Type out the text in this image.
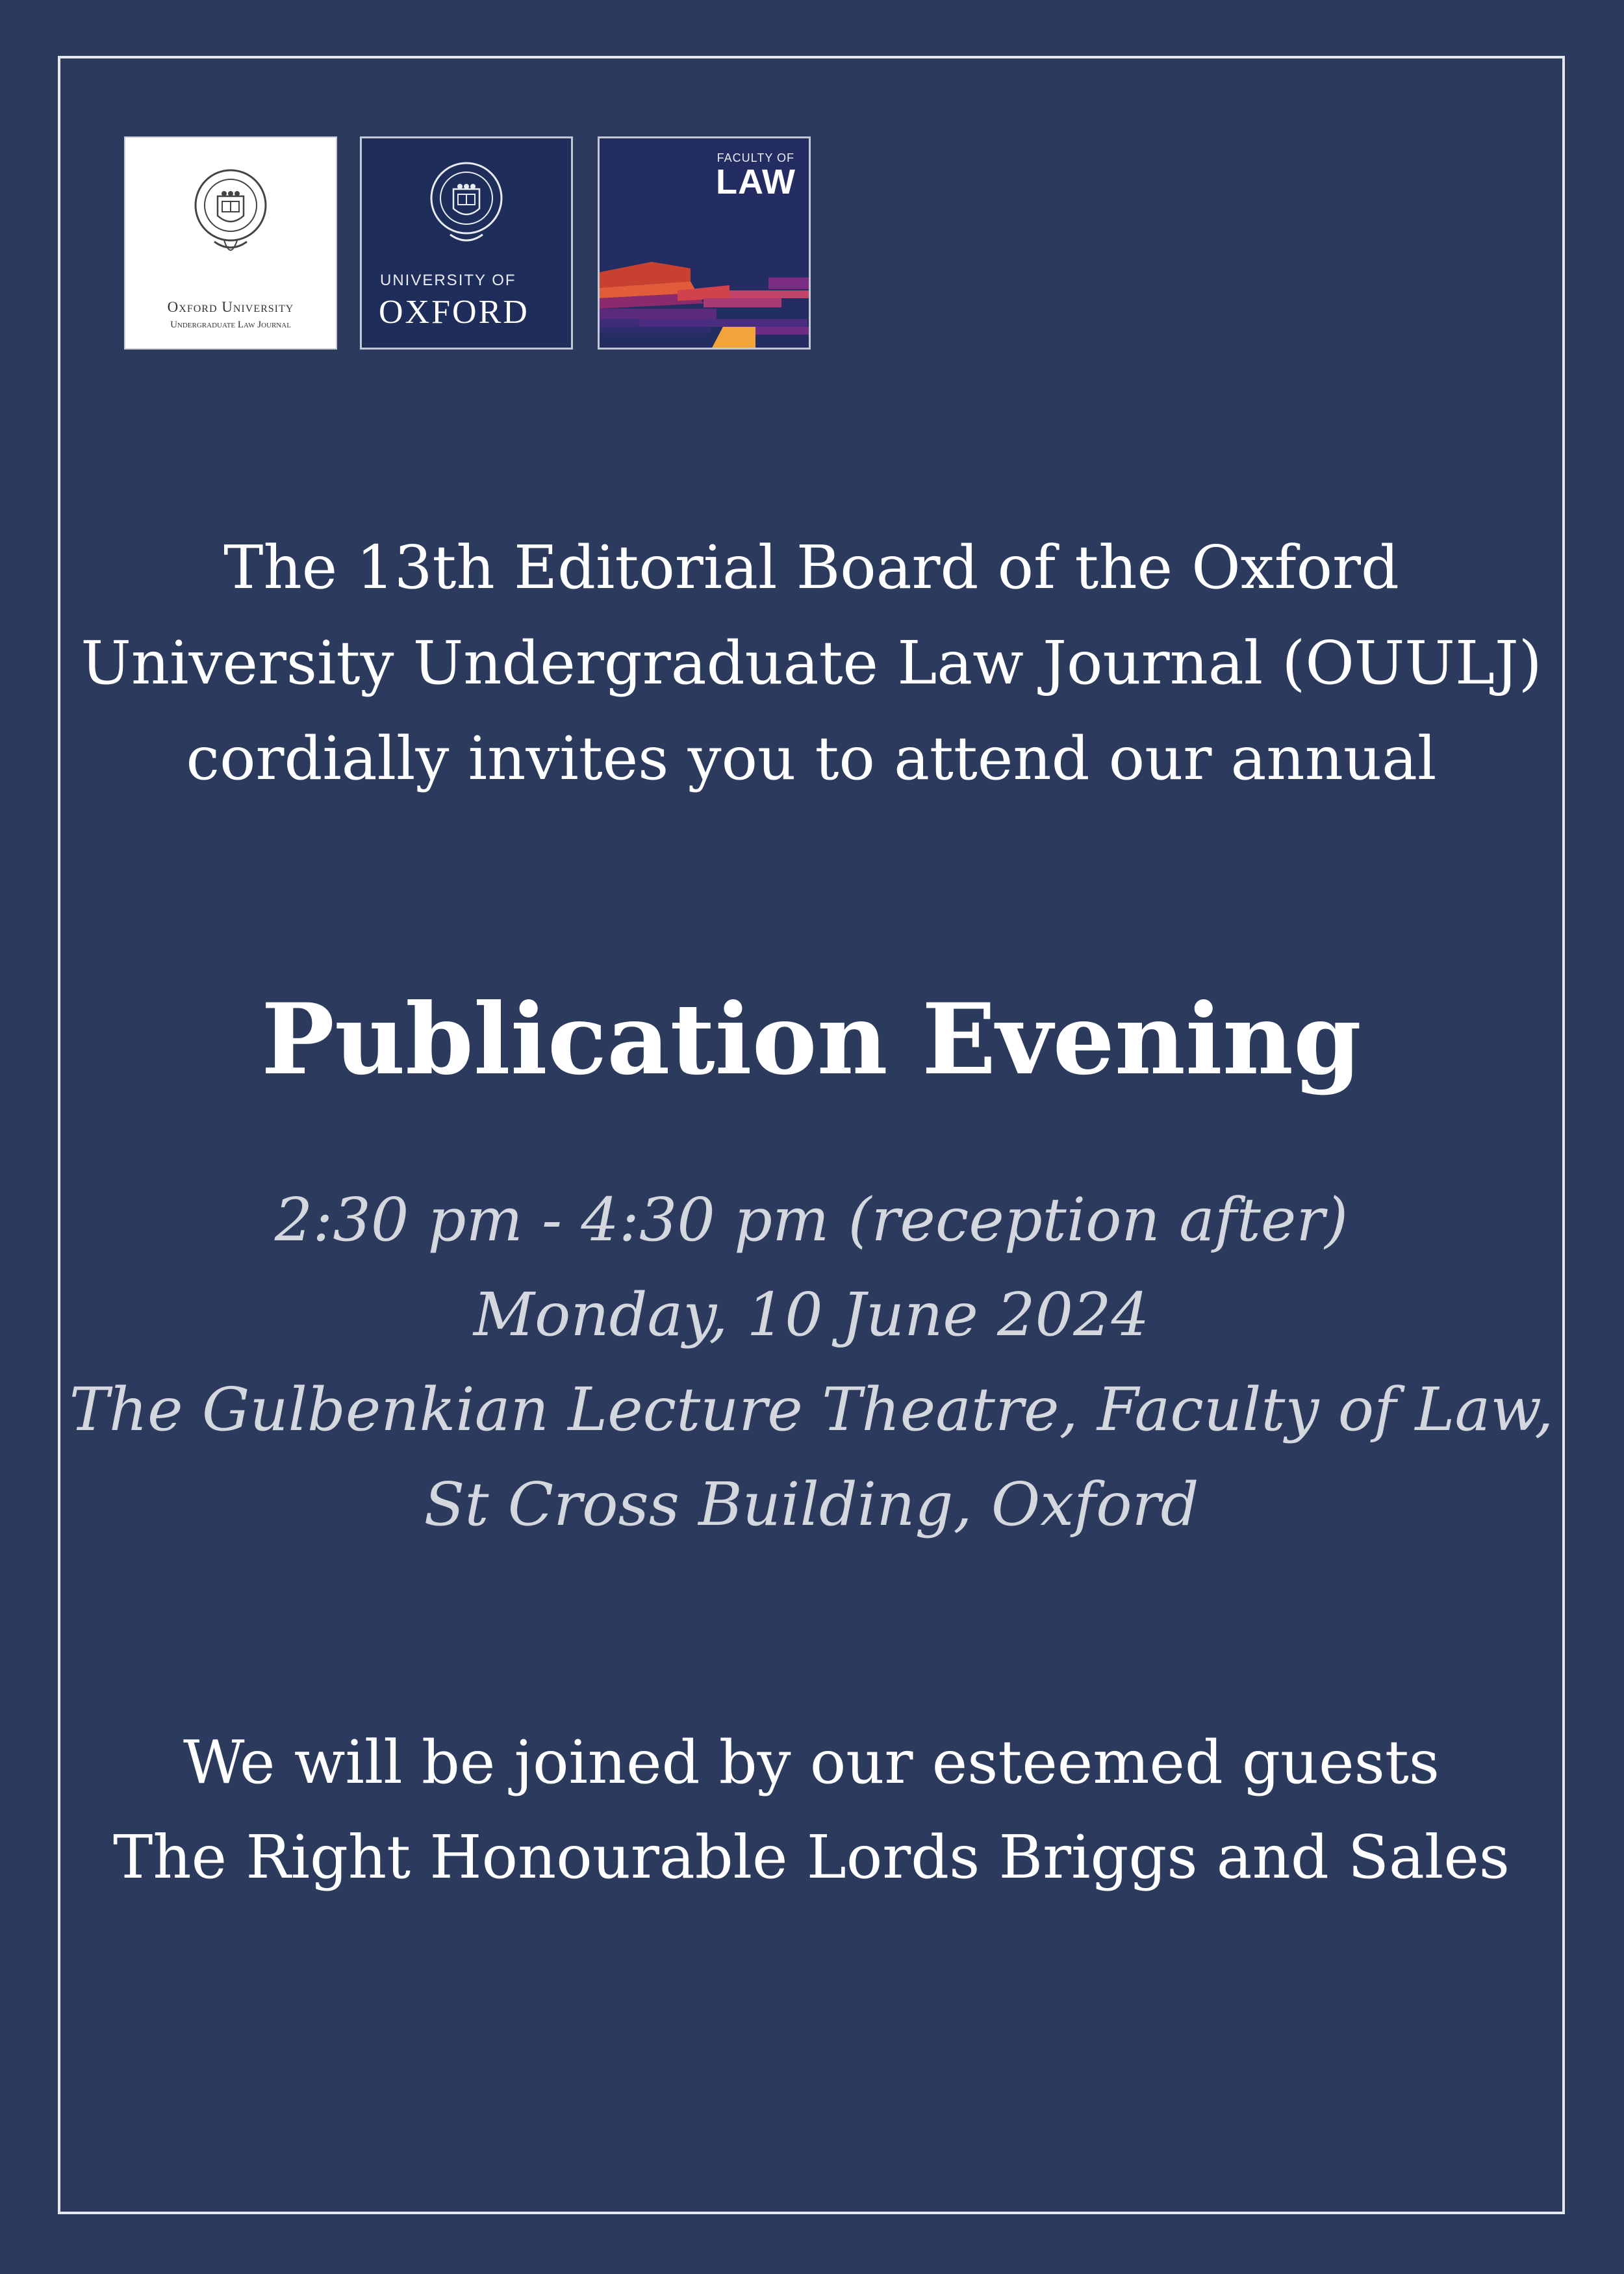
Oxford University
Undergraduate Law Journal
UNIVERSITY OF
OXFORD
FACULTY OF
LAW
The 13th Editorial Board of the Oxford
University Undergraduate Law Journal (OUULJ)
cordially invites you to attend our annual
Publication Evening
2:30 pm - 4:30 pm (reception after)
Monday, 10 June 2024
The Gulbenkian Lecture Theatre, Faculty of Law,
St Cross Building, Oxford
We will be joined by our esteemed guests
The Right Honourable Lords Briggs and Sales
